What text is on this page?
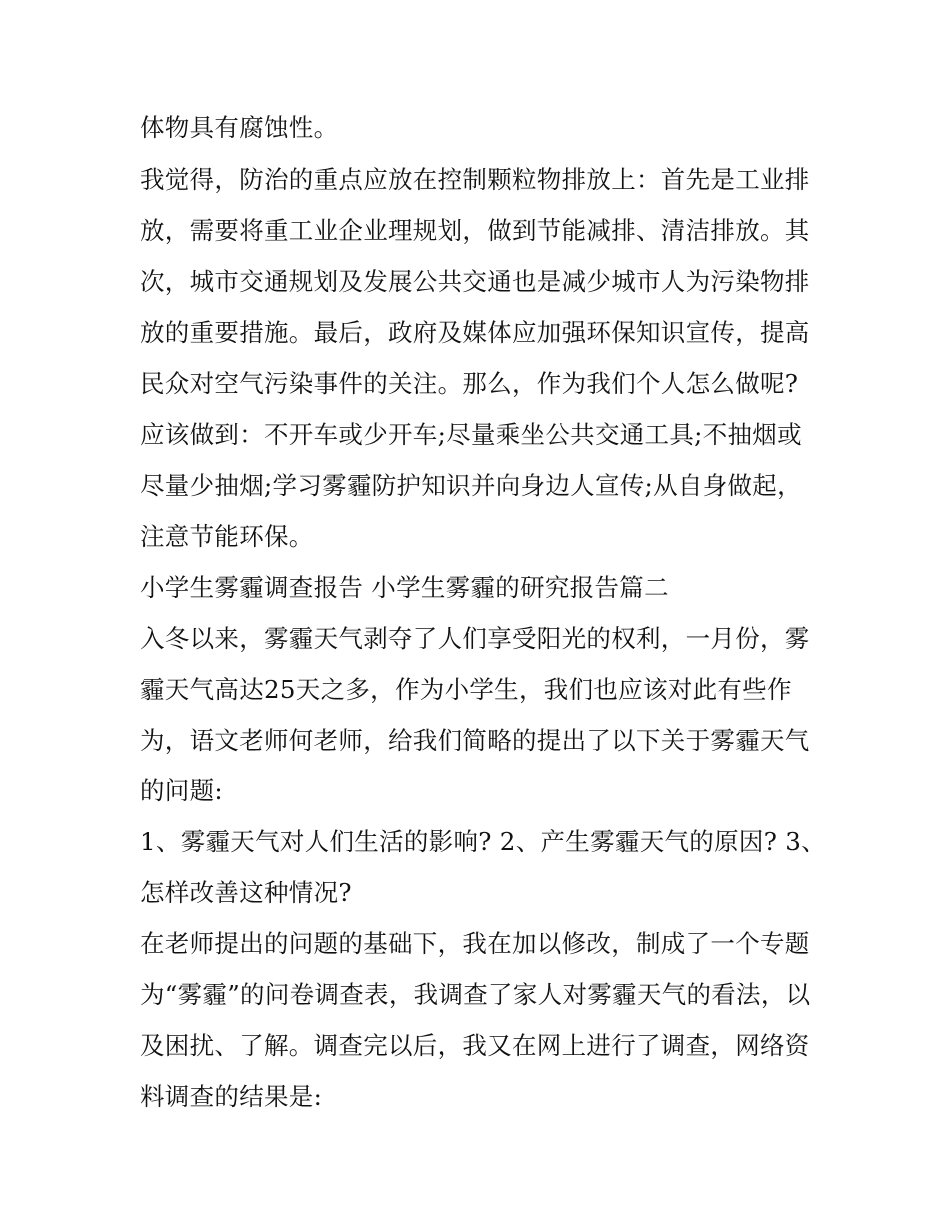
体物具有腐蚀性。

我觉得，防治的重点应放在控制颗粒物排放上：首先是工业排

放，需要将重工业企业理规划，做到节能减排、清洁排放。其

次，城市交通规划及发展公共交通也是减少城市人为污染物排

放的重要措施。最后，政府及媒体应加强环保知识宣传，提高

民众对空气污染事件的关注。那么，作为我们个人怎么做呢?

应该做到：不开车或少开车;尽量乘坐公共交通工具;不抽烟或

尽量少抽烟;学习雾霾防护知识并向身边人宣传;从自身做起，

注意节能环保。

小学生雾霾调查报告 小学生雾霾的研究报告篇二

入冬以来，雾霾天气剥夺了人们享受阳光的权利，一月份，雾

霾天气高达25天之多，作为小学生，我们也应该对此有些作

为，语文老师何老师，给我们简略的提出了以下关于雾霾天气

的问题:

1、雾霾天气对人们生活的影响? 2、产生雾霾天气的原因? 3、

怎样改善这种情况?

在老师提出的问题的基础下，我在加以修改，制成了一个专题

为“雾霾”的问卷调查表，我调查了家人对雾霾天气的看法，以

及困扰、了解。调查完以后，我又在网上进行了调查，网络资

料调查的结果是:
